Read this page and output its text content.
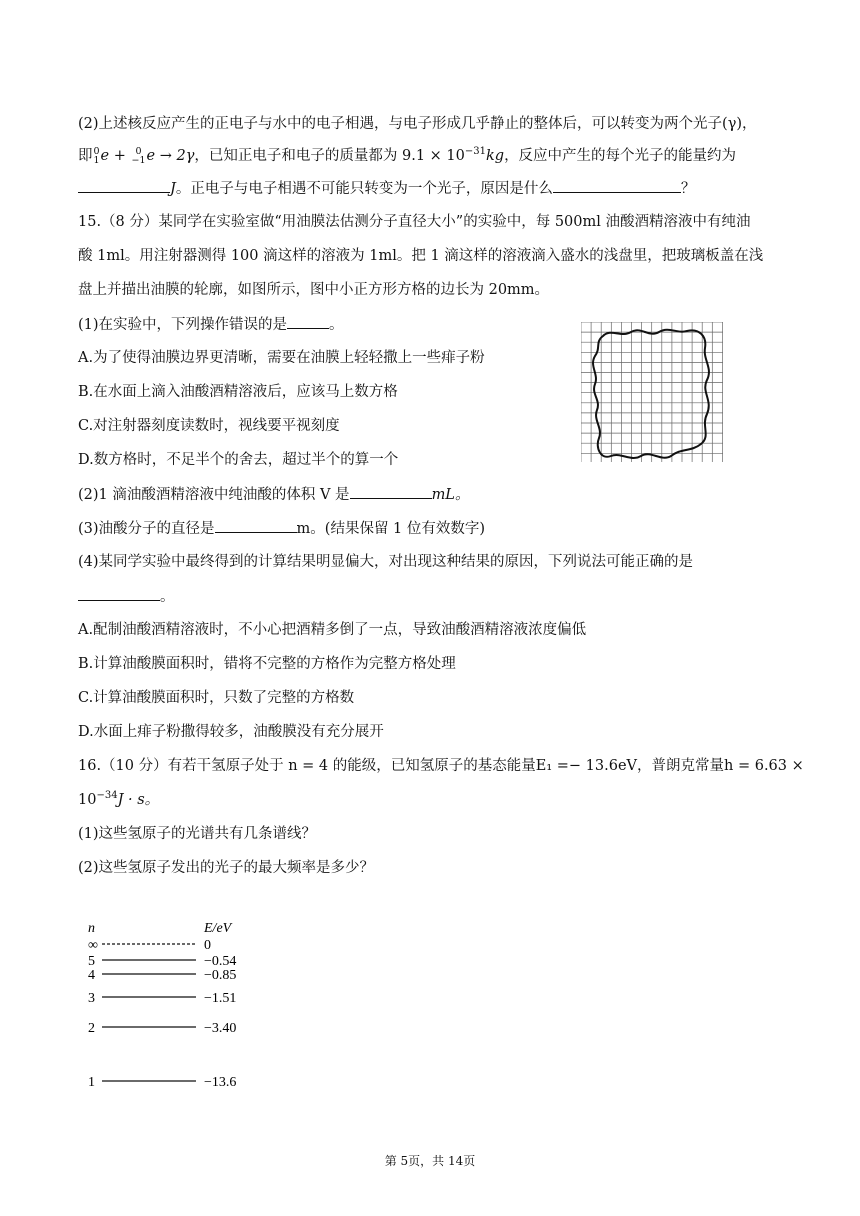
(2)上述核反应产生的正电子与水中的电子相遇，与电子形成几乎静止的整体后，可以转变为两个光子(γ)，
即 0
1 e + 0
−1 e → 2γ，已知正电子和电子的质量都为 $9.1 \times 10^{-31}kg$，反应中产生的每个光子的能量约为
J。正电子与电子相遇不可能只转变为一个光子，原因是什么	？
15.（8 分）某同学在实验室做“用油膜法估测分子直径大小”的实验中，每 500ml 油酸酒精溶液中有纯油
酸 1ml。用注射器测得 100 滴这样的溶液为 1ml。把 1 滴这样的溶液滴入盛水的浅盘里，把玻璃板盖在浅
盘上并描出油膜的轮廓，如图所示，图中小正方形方格的边长为 20mm。
(1)在实验中，下列操作错误的是	。
A.为了使得油膜边界更清晰，需要在油膜上轻轻撒上一些痱子粉
B.在水面上滴入油酸酒精溶液后，应该马上数方格
C.对注射器刻度读数时，视线要平视刻度
D.数方格时，不足半个的舍去，超过半个的算一个
(2)1 滴油酸酒精溶液中纯油酸的体积 V 是	mL。
(3)油酸分子的直径是	m。(结果保留 1 位有效数字)
(4)某同学实验中最终得到的计算结果明显偏大，对出现这种结果的原因，下列说法可能正确的是
。
A.配制油酸酒精溶液时，不小心把酒精多倒了一点，导致油酸酒精溶液浓度偏低
B.计算油酸膜面积时，错将不完整的方格作为完整方格处理
C.计算油酸膜面积时，只数了完整的方格数
D.水面上痱子粉撒得较多，油酸膜没有充分展开
16.（10 分）有若干氢原子处于 n = 4 的能级，已知氢原子的基态能量E₁ =− 13.6eV，普朗克常量h = 6.63 ×
$10^{-34}J \cdot s$。
(1)这些氢原子的光谱共有几条谱线？
(2)这些氢原子发出的光子的最大频率是多少？
n	E/eV
∞	0
5	−0.54
4	−0.85
3	−1.51
2	−3.40
1	−13.6
第 5页，共 14页
